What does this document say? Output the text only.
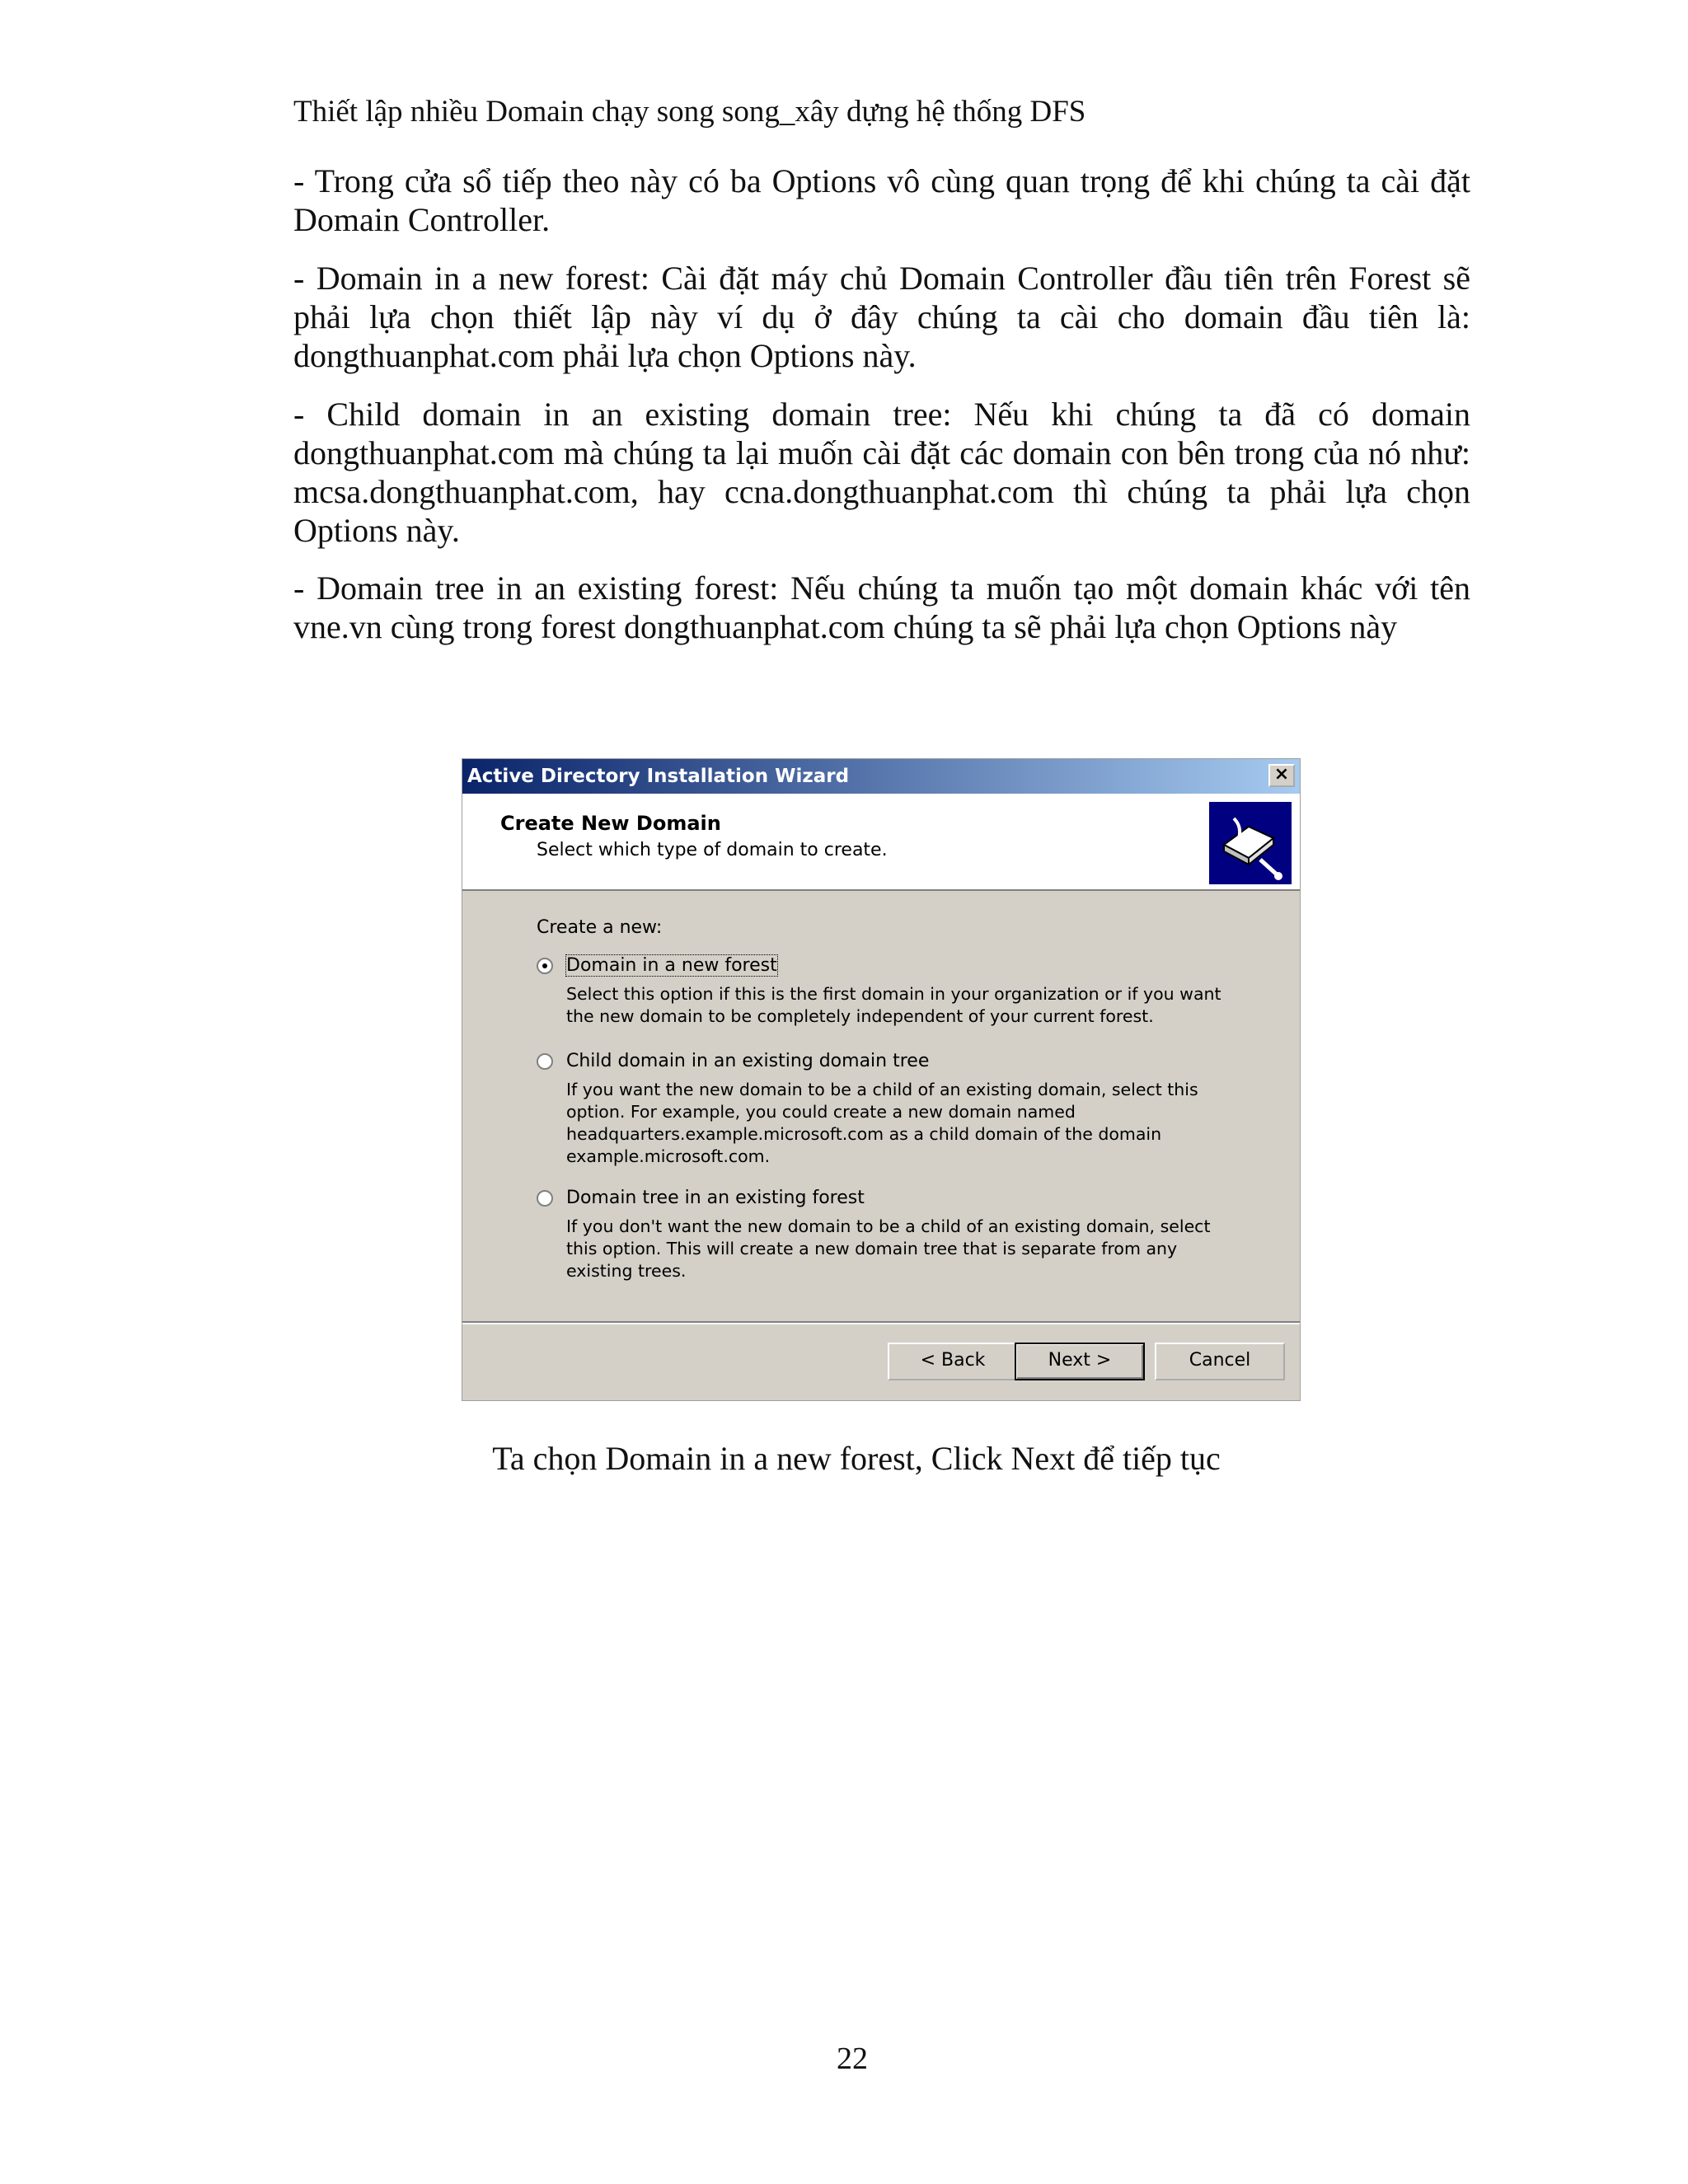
Thiết lập nhiều Domain chạy song song_xây dựng hệ thống DFS
- Trong cửa sổ tiếp theo này có ba Options vô cùng quan trọng để khi chúng ta cài đặt Domain Controller.
- Domain in a new forest: Cài đặt máy chủ Domain Controller đầu tiên trên Forest sẽ phải lựa chọn thiết lập này ví dụ ở đây chúng ta cài cho domain đầu tiên là: dongthuanphat.com phải lựa chọn Options này.
- Child domain in an existing domain tree: Nếu khi chúng ta đã có domain dongthuanphat.com mà chúng ta lại muốn cài đặt các domain con bên trong của nó như: mcsa.dongthuanphat.com, hay ccna.dongthuanphat.com thì chúng ta phải lựa chọn Options này.
- Domain tree in an existing forest: Nếu chúng ta muốn tạo một domain khác với tên vne.vn cùng trong forest dongthuanphat.com chúng ta sẽ phải lựa chọn Options này
Active Directory Installation Wizard	×
Create New Domain
Select which type of domain to create.
Create a new:
Domain in a new forest
Select this option if this is the first domain in your organization or if you want the new domain to be completely independent of your current forest.
Child domain in an existing domain tree
If you want the new domain to be a child of an existing domain, select this option. For example, you could create a new domain named headquarters.example.microsoft.com as a child domain of the domain example.microsoft.com.
Domain tree in an existing forest
If you don't want the new domain to be a child of an existing domain, select this option. This will create a new domain tree that is separate from any existing trees.
< Back	Next >	Cancel
Ta chọn Domain in a new forest, Click Next để tiếp tục
22
